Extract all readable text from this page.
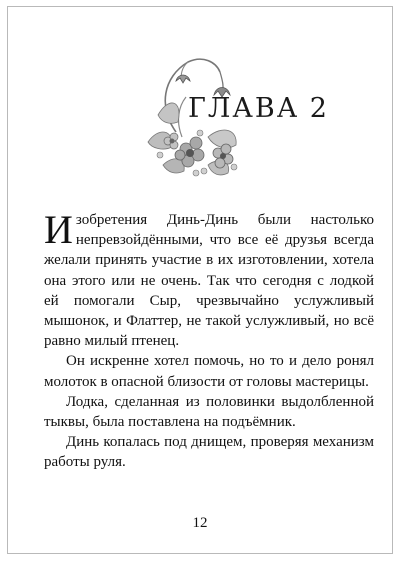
ГЛАВА 2

Изобретения Динь-Динь были настолько непревзойдёнными, что все её друзья всегда желали принять участие в их изготовлении, хотела она этого или не очень. Так что сегодня с лодкой ей помогали Сыр, чрезвычайно услужливый мышонок, и Флаттер, не такой услужливый, но всё равно милый птенец.

Он искренне хотел помочь, но то и дело ронял молоток в опасной близости от головы мастерицы.

Лодка, сделанная из половинки выдолбленной тыквы, была поставлена на подъёмник.

Динь копалась под днищем, проверяя механизм работы руля.

12
